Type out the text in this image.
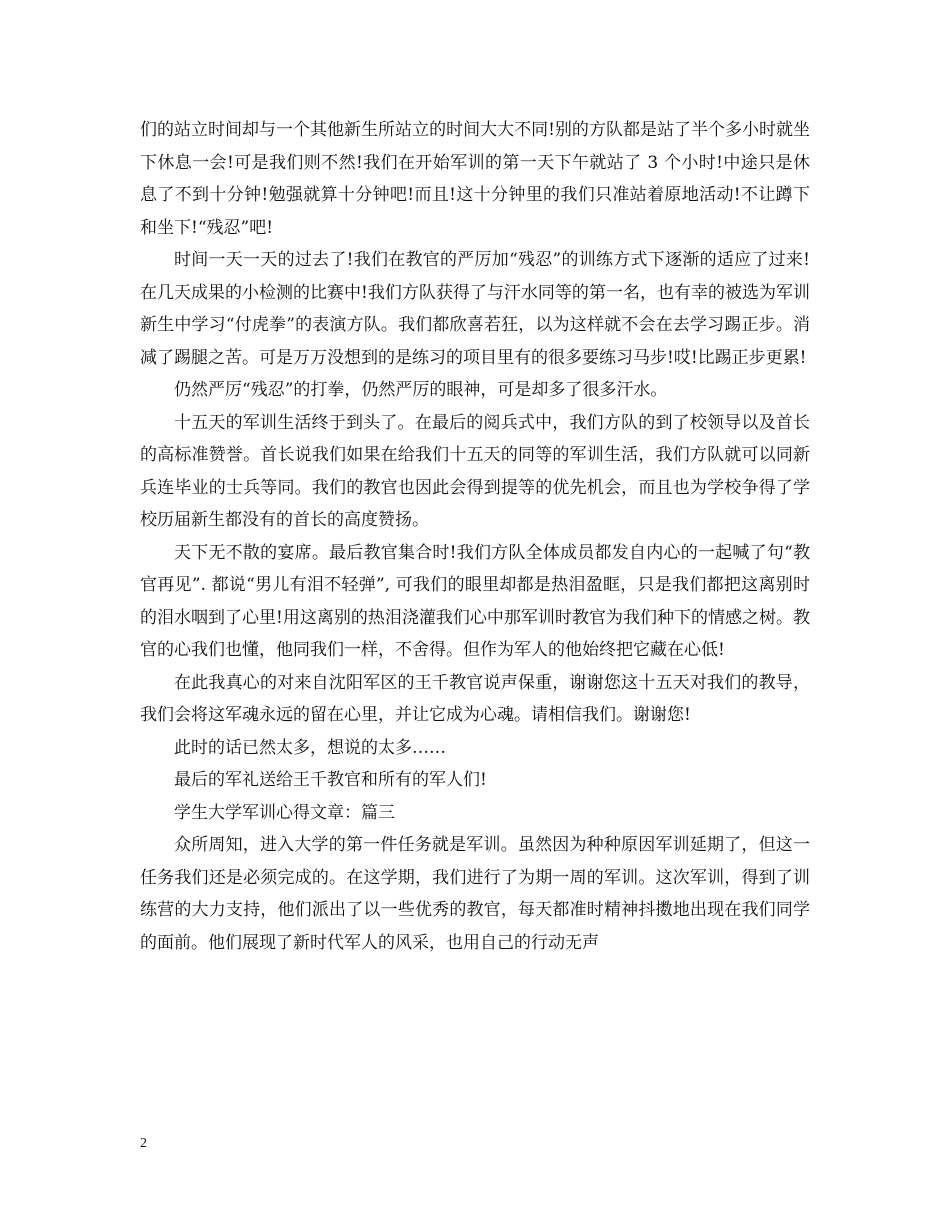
们的站立时间却与一个其他新生所站立的时间大大不同!别的方队都是站了半个多小时就坐下休息一会!可是我们则不然!我们在开始军训的第一天下午就站了 3 个小时!中途只是休息了不到十分钟!勉强就算十分钟吧!而且!这十分钟里的我们只准站着原地活动!不让蹲下和坐下!“残忍”吧!

时间一天一天的过去了!我们在教官的严厉加“残忍”的训练方式下逐渐的适应了过来!在几天成果的小检测的比赛中!我们方队获得了与汗水同等的第一名，也有幸的被选为军训新生中学习“付虎拳”的表演方队。我们都欣喜若狂，以为这样就不会在去学习踢正步。消减了踢腿之苦。可是万万没想到的是练习的项目里有的很多要练习马步!哎!比踢正步更累!

仍然严厉“残忍”的打拳，仍然严厉的眼神，可是却多了很多汗水。

十五天的军训生活终于到头了。在最后的阅兵式中，我们方队的到了校领导以及首长的高标准赞誉。首长说我们如果在给我们十五天的同等的军训生活，我们方队就可以同新兵连毕业的士兵等同。我们的教官也因此会得到提等的优先机会，而且也为学校争得了学校历届新生都没有的首长的高度赞扬。

天下无不散的宴席。最后教官集合时!我们方队全体成员都发自内心的一起喊了句“教官再见”. 都说“男儿有泪不轻弹”, 可我们的眼里却都是热泪盈眶，只是我们都把这离别时的泪水咽到了心里!用这离别的热泪浇灌我们心中那军训时教官为我们种下的情感之树。教官的心我们也懂，他同我们一样，不舍得。但作为军人的他始终把它藏在心低!

在此我真心的对来自沈阳军区的王千教官说声保重，谢谢您这十五天对我们的教导，我们会将这军魂永远的留在心里，并让它成为心魂。请相信我们。谢谢您!

此时的话已然太多，想说的太多……

最后的军礼送给王千教官和所有的军人们!

学生大学军训心得文章：篇三

众所周知，进入大学的第一件任务就是军训。虽然因为种种原因军训延期了，但这一任务我们还是必须完成的。在这学期，我们进行了为期一周的军训。这次军训，得到了训练营的大力支持，他们派出了以一些优秀的教官，每天都准时精神抖擞地出现在我们同学的面前。他们展现了新时代军人的风采，也用自己的行动无声

2
